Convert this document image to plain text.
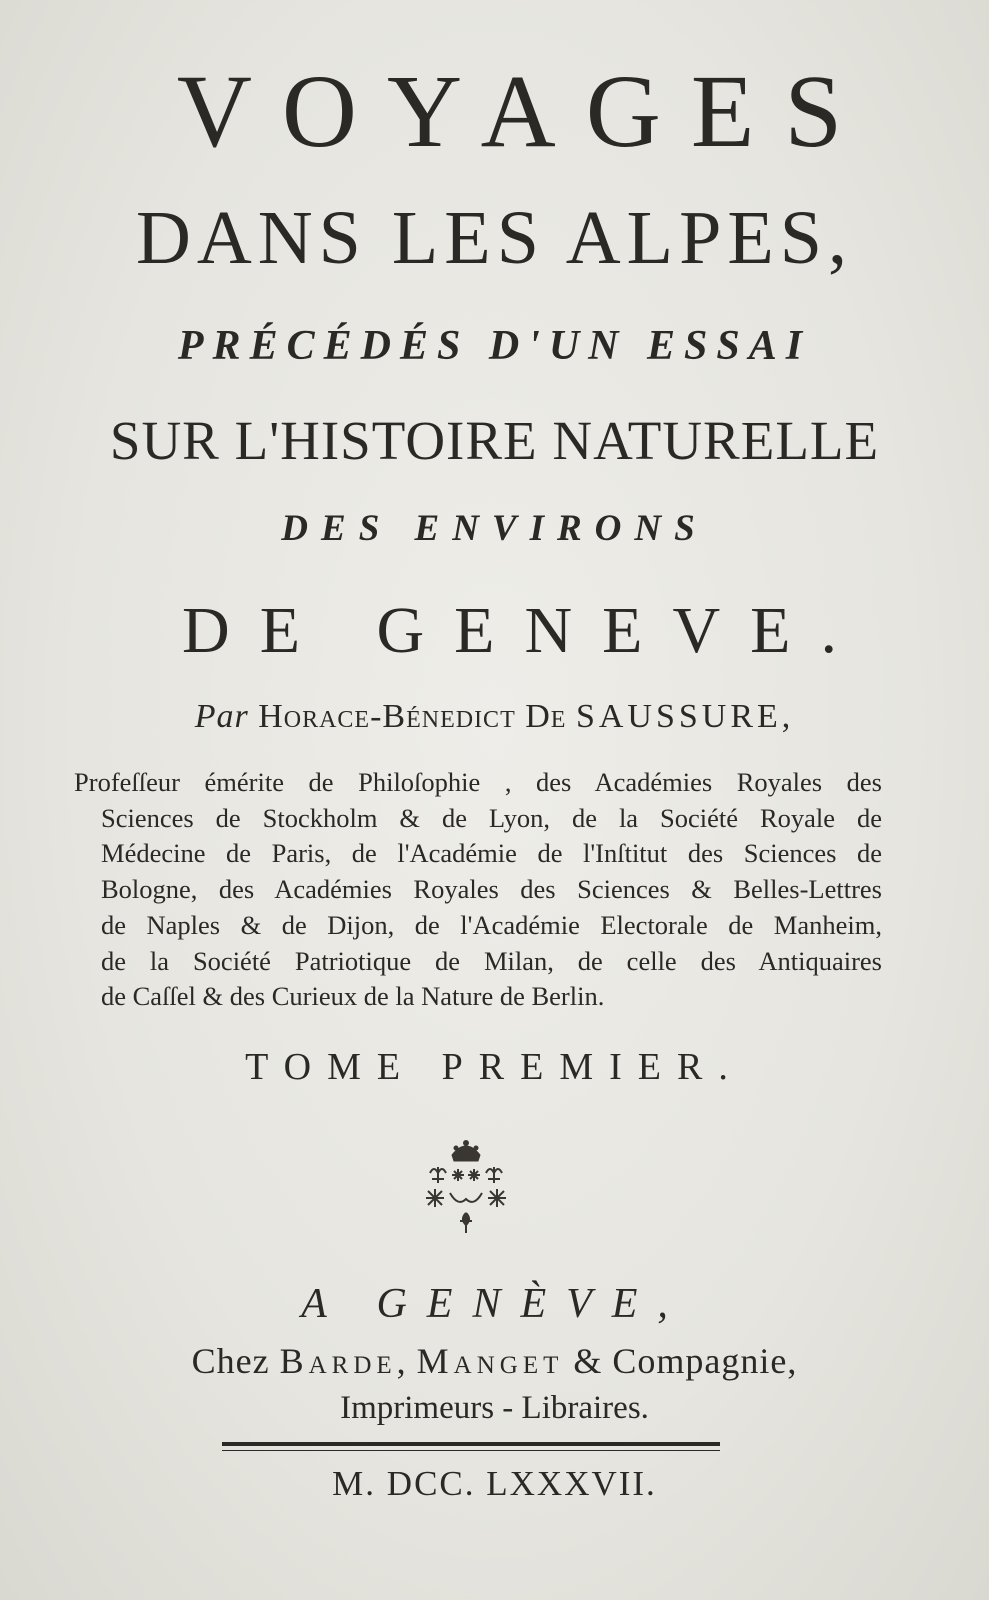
VOYAGES
DANS LES ALPES,
PRÉCÉDÉS D'UN ESSAI
SUR L'HISTOIRE NATURELLE
DES ENVIRONS
DE GENEVE.
Par Horace-Bénedict De SAUSSURE,
Profeſſeur émérite de Philoſophie , des Académies Royales des
Sciences de Stockholm & de Lyon, de la Société Royale de
Médecine de Paris, de l'Académie de l'Inſtitut des Sciences de
Bologne, des Académies Royales des Sciences & Belles-Lettres
de Naples & de Dijon, de l'Académie Electorale de Manheim,
de la Société Patriotique de Milan, de celle des Antiquaires
de Caſſel & des Curieux de la Nature de Berlin.
TOME PREMIER.
A GENÈVE,
Chez Barde, Manget & Compagnie,
Imprimeurs - Libraires.
M. DCC. LXXXVII.
